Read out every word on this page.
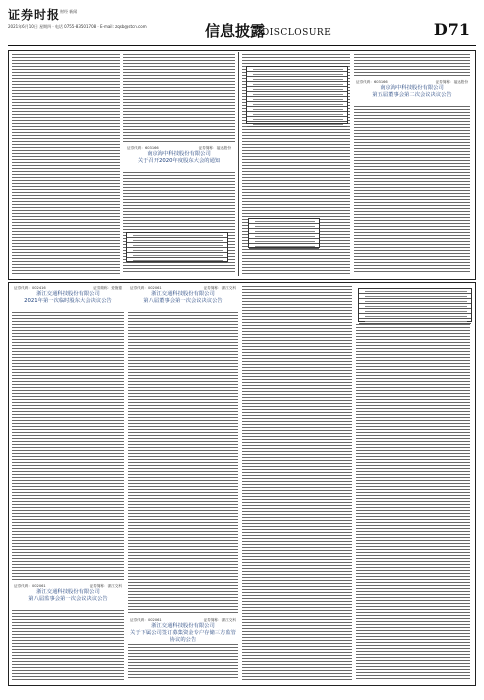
证券时报 财经 新闻
2021年6月10日 星期四 · 电话 0755-83501708 · E-mail: zqsb@stcn.com	信息披露
DISCLOSURE	D71
证券代码：603166	证券简称：福达股份
南京海中科技股份有限公司
关于召开2020年度股东大会的通知
证券代码：603166	证券简称：福达股份
南京海中科技股份有限公司
第五届董事会第二次会议决议公告
证券代码：002416	证券简称：爱施德
浙江交通科技股份有限公司
2021年第一次临时股东大会决议公告
证券代码：002061	证券简称：浙江交科
浙江交通科技股份有限公司
第八届监事会第一次会议决议公告
证券代码：002061	证券简称：浙江交科
浙江交通科技股份有限公司
第八届董事会第一次会议决议公告
证券代码：002061	证券简称：浙江交科
浙江交通科技股份有限公司
关于下属公司签订募集资金专户存储三方监管协议的公告
